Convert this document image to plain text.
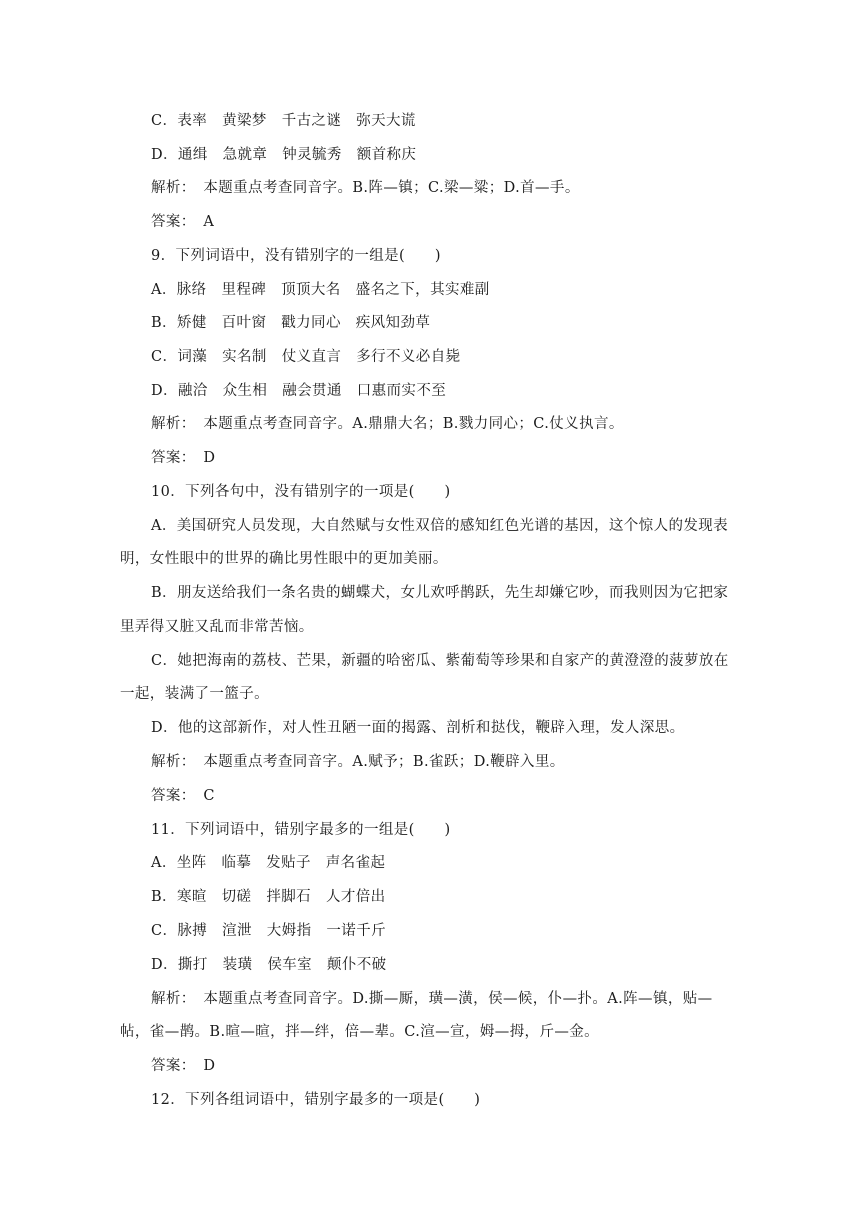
C．表率　黄梁梦　千古之谜　弥天大谎
D．通缉　急就章　钟灵毓秀　额首称庆
解析：　本题重点考查同音字。B.阵—镇；C.梁—粱；D.首—手。
答案：　A
9．下列词语中，没有错别字的一组是(　　)
A．脉络　里程碑　顶顶大名　盛名之下，其实难副
B．矫健　百叶窗　戳力同心　疾风知劲草
C．词藻　实名制　仗义直言　多行不义必自毙
D．融洽　众生相　融会贯通　口惠而实不至
解析：　本题重点考查同音字。A.鼎鼎大名；B.戮力同心；C.仗义执言。
答案：　D
10．下列各句中，没有错别字的一项是(　　)
A．美国研究人员发现，大自然赋与女性双倍的感知红色光谱的基因，这个惊人的发现表
明，女性眼中的世界的确比男性眼中的更加美丽。
B．朋友送给我们一条名贵的蝴蝶犬，女儿欢呼鹊跃，先生却嫌它吵，而我则因为它把家
里弄得又脏又乱而非常苦恼。
C．她把海南的荔枝、芒果，新疆的哈密瓜、紫葡萄等珍果和自家产的黄澄澄的菠萝放在
一起，装满了一篮子。
D．他的这部新作，对人性丑陋一面的揭露、剖析和挞伐，鞭辟入理，发人深思。
解析：　本题重点考查同音字。A.赋予；B.雀跃；D.鞭辟入里。
答案：　C
11．下列词语中，错别字最多的一组是(　　)
A．坐阵　临摹　发贴子　声名雀起
B．寒暄　切磋　拌脚石　人才倍出
C．脉搏　渲泄　大姆指　一诺千斤
D．撕打　装璜　侯车室　颠仆不破
解析：　本题重点考查同音字。D.撕—厮，璜—潢，侯—候，仆—扑。A.阵—镇，贴—
帖，雀—鹊。B.暄—暄，拌—绊，倍—辈。C.渲—宣，姆—拇，斤—金。
答案：　D
12．下列各组词语中，错别字最多的一项是(　　)
